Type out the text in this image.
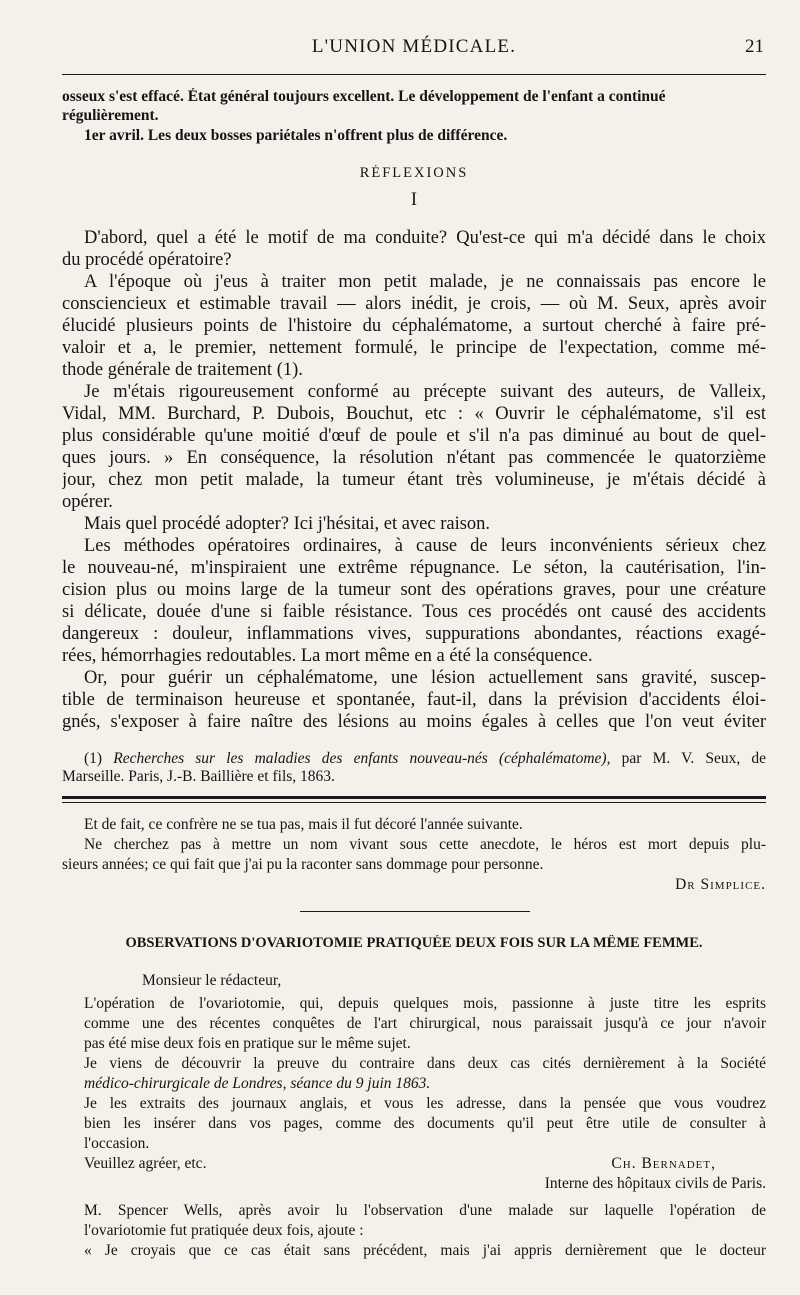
L'UNION MÉDICALE.	21
osseux s'est effacé. État général toujours excellent. Le développement de l'enfant a continué
régulièrement.
1er avril. Les deux bosses pariétales n'offrent plus de différence.
RÉFLEXIONS
I
D'abord, quel a été le motif de ma conduite? Qu'est-ce qui m'a décidé dans le choix
du procédé opératoire?
A l'époque où j'eus à traiter mon petit malade, je ne connaissais pas encore le
consciencieux et estimable travail — alors inédit, je crois, — où M. Seux, après avoir
élucidé plusieurs points de l'histoire du céphalématome, a surtout cherché à faire pré-
valoir et a, le premier, nettement formulé, le principe de l'expectation, comme mé-
thode générale de traitement (1).
Je m'étais rigoureusement conformé au précepte suivant des auteurs, de Valleix,
Vidal, MM. Burchard, P. Dubois, Bouchut, etc : « Ouvrir le céphalématome, s'il est
plus considérable qu'une moitié d'œuf de poule et s'il n'a pas diminué au bout de quel-
ques jours. » En conséquence, la résolution n'étant pas commencée le quatorzième
jour, chez mon petit malade, la tumeur étant très volumineuse, je m'étais décidé à
opérer.
Mais quel procédé adopter? Ici j'hésitai, et avec raison.
Les méthodes opératoires ordinaires, à cause de leurs inconvénients sérieux chez
le nouveau-né, m'inspiraient une extrême répugnance. Le séton, la cautérisation, l'in-
cision plus ou moins large de la tumeur sont des opérations graves, pour une créature
si délicate, douée d'une si faible résistance. Tous ces procédés ont causé des accidents
dangereux : douleur, inflammations vives, suppurations abondantes, réactions exagé-
rées, hémorrhagies redoutables. La mort même en a été la conséquence.
Or, pour guérir un céphalématome, une lésion actuellement sans gravité, suscep-
tible de terminaison heureuse et spontanée, faut-il, dans la prévision d'accidents éloi-
gnés, s'exposer à faire naître des lésions au moins égales à celles que l'on veut éviter
(1) Recherches sur les maladies des enfants nouveau-nés (céphalématome), par M. V. Seux, de
Marseille. Paris, J.-B. Baillière et fils, 1863.
Et de fait, ce confrère ne se tua pas, mais il fut décoré l'année suivante.
Ne cherchez pas à mettre un nom vivant sous cette anecdote, le héros est mort depuis plu-
sieurs années; ce qui fait que j'ai pu la raconter sans dommage pour personne.
Dr Simplice.
OBSERVATIONS D'OVARIOTOMIE PRATIQUÉE DEUX FOIS SUR LA MÊME FEMME.
Monsieur le rédacteur,
L'opération de l'ovariotomie, qui, depuis quelques mois, passionne à juste titre les esprits
comme une des récentes conquêtes de l'art chirurgical, nous paraissait jusqu'à ce jour n'avoir
pas été mise deux fois en pratique sur le même sujet.
Je viens de découvrir la preuve du contraire dans deux cas cités dernièrement à la Société
médico-chirurgicale de Londres, séance du 9 juin 1863.
Je les extraits des journaux anglais, et vous les adresse, dans la pensée que vous voudrez
bien les insérer dans vos pages, comme des documents qu'il peut être utile de consulter à
l'occasion.
Veuillez agréer, etc.	Ch. Bernadet,
Interne des hôpitaux civils de Paris.
M. Spencer Wells, après avoir lu l'observation d'une malade sur laquelle l'opération de
l'ovariotomie fut pratiquée deux fois, ajoute :
« Je croyais que ce cas était sans précédent, mais j'ai appris dernièrement que le docteur
